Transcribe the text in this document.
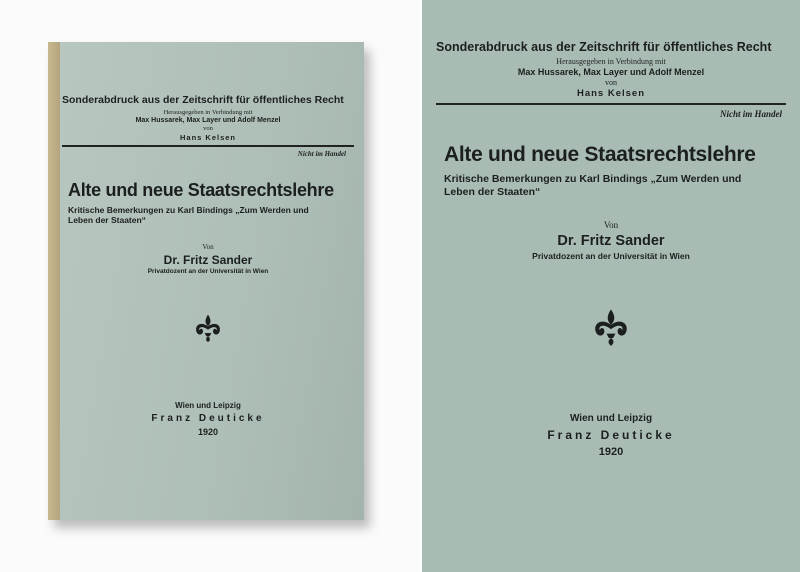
Sonderabdruck aus der Zeitschrift für öffentliches Recht
Herausgegeben in Verbindung mit
Max Hussarek, Max Layer und Adolf Menzel
von
Hans Kelsen
Nicht im Handel
Alte und neue Staatsrechtslehre
Kritische Bemerkungen zu Karl Bindings „Zum Werden und
Leben der Staaten“
Von
Dr. Fritz Sander
Privatdozent an der Universität in Wien
Wien und Leipzig
Franz Deuticke
1920
Sonderabdruck aus der Zeitschrift für öffentliches Recht
Herausgegeben in Verbindung mit
Max Hussarek, Max Layer und Adolf Menzel
von
Hans Kelsen
Nicht im Handel
Alte und neue Staatsrechtslehre
Kritische Bemerkungen zu Karl Bindings „Zum Werden und
Leben der Staaten“
Von
Dr. Fritz Sander
Privatdozent an der Universität in Wien
Wien und Leipzig
Franz Deuticke
1920
